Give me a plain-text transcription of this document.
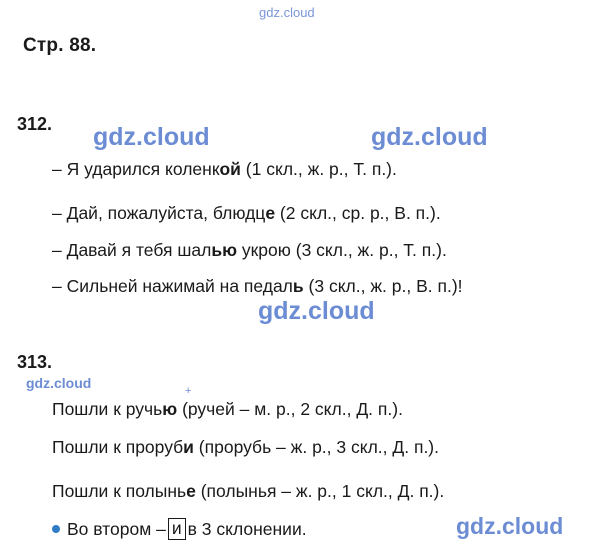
gdz.cloud
Стр. 88.
312. gdz.cloud	gdz.cloud
– Я ударился коленкой (1 скл., ж. р., Т. п.).
– Дай, пожалуйста, блюдце (2 скл., ср. р., В. п.).
– Давай я тебя шалью укрою (3 скл., ж. р., Т. п.).
– Сильней нажимай на педаль (3 скл., ж. р., В. п.)!
gdz.cloud
313.
gdz.cloud	+
Пошли к ручью (ручей – м. р., 2 скл., Д. п.).
Пошли к проруби (прорубь – ж. р., 3 скл., Д. п.).
Пошли к полынье (полынья – ж. р., 1 скл., Д. п.).
Во втором – и в 3 склонении.	gdz.cloud
